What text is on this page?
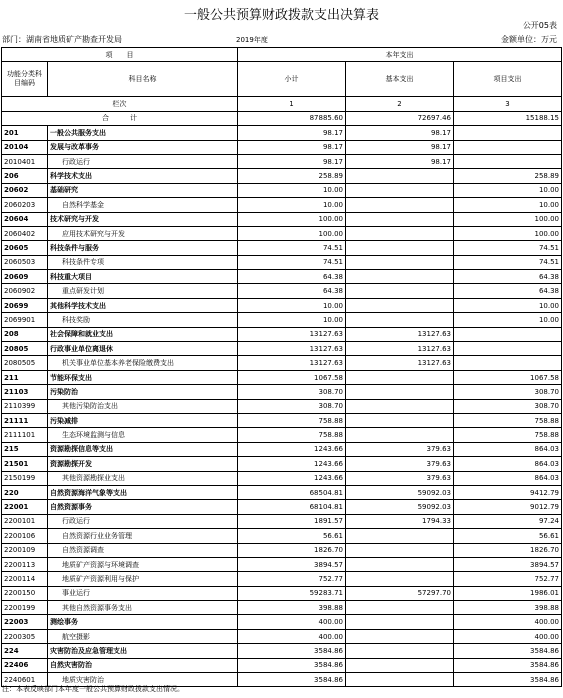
一般公共预算财政拨款支出决算表
公开05表
部门：湖南省地质矿产勘查开发局	2019年度	金额单位：万元
项　　目		本年支出		
功能分类科目编码	科目名称	小计	基本支出	项目支出
栏次		1	2	3
合　　　计		87885.60	72697.46	15188.15
201	一般公共服务支出	98.17	98.17	
20104	发展与改革事务	98.17	98.17	
2010401	行政运行	98.17	98.17	
206	科学技术支出	258.89		258.89
20602	基础研究	10.00		10.00
2060203	自然科学基金	10.00		10.00
20604	技术研究与开发	100.00		100.00
2060402	应用技术研究与开发	100.00		100.00
20605	科技条件与服务	74.51		74.51
2060503	科技条件专项	74.51		74.51
20609	科技重大项目	64.38		64.38
2060902	重点研发计划	64.38		64.38
20699	其他科学技术支出	10.00		10.00
2069901	科技奖励	10.00		10.00
208	社会保障和就业支出	13127.63	13127.63	
20805	行政事业单位离退休	13127.63	13127.63	
2080505	机关事业单位基本养老保险缴费支出	13127.63	13127.63	
211	节能环保支出	1067.58		1067.58
21103	污染防治	308.70		308.70
2110399	其他污染防治支出	308.70		308.70
21111	污染减排	758.88		758.88
2111101	生态环境监测与信息	758.88		758.88
215	资源勘探信息等支出	1243.66	379.63	864.03
21501	资源勘探开发	1243.66	379.63	864.03
2150199	其他资源勘探业支出	1243.66	379.63	864.03
220	自然资源海洋气象等支出	68504.81	59092.03	9412.79
22001	自然资源事务	68104.81	59092.03	9012.79
2200101	行政运行	1891.57	1794.33	97.24
2200106	自然资源行业业务管理	56.61		56.61
2200109	自然资源调查	1826.70		1826.70
2200113	地质矿产资源与环境调查	3894.57		3894.57
2200114	地质矿产资源利用与保护	752.77		752.77
2200150	事业运行	59283.71	57297.70	1986.01
2200199	其他自然资源事务支出	398.88		398.88
22003	测绘事务	400.00		400.00
2200305	航空摄影	400.00		400.00
224	灾害防治及应急管理支出	3584.86		3584.86
22406	自然灾害防治	3584.86		3584.86
2240601	地质灾害防治	3584.86		3584.86
注：本表反映部门本年度一般公共预算财政拨款支出情况。
